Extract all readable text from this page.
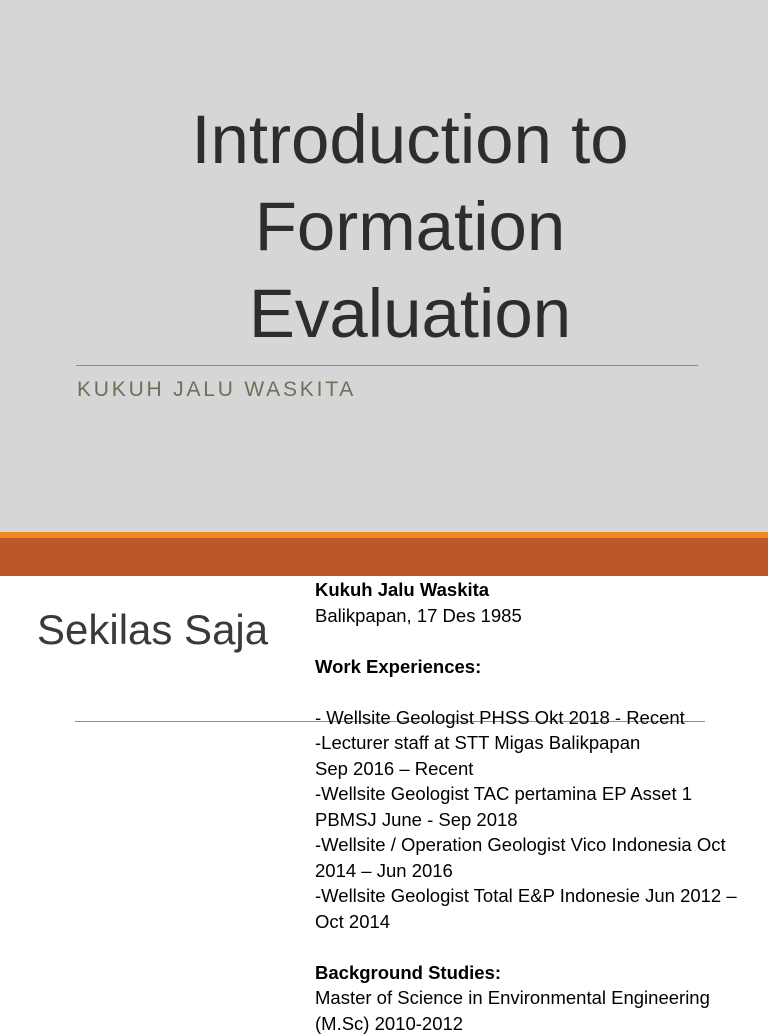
Introduction to
Formation
Evaluation
KUKUH JALU WASKITA
Sekilas Saja
Kukuh Jalu Waskita
Balikpapan, 17 Des 1985
Work Experiences:
- Wellsite Geologist PHSS Okt 2018 - Recent
-Lecturer staff at STT Migas Balikpapan
Sep 2016 – Recent
-Wellsite Geologist TAC pertamina EP Asset 1
PBMSJ June - Sep 2018
-Wellsite / Operation Geologist Vico Indonesia Oct
2014 – Jun 2016
-Wellsite Geologist Total E&P Indonesie Jun 2012 –
Oct 2014
Background Studies:
Master of Science in Environmental Engineering
(M.Sc) 2010-2012
